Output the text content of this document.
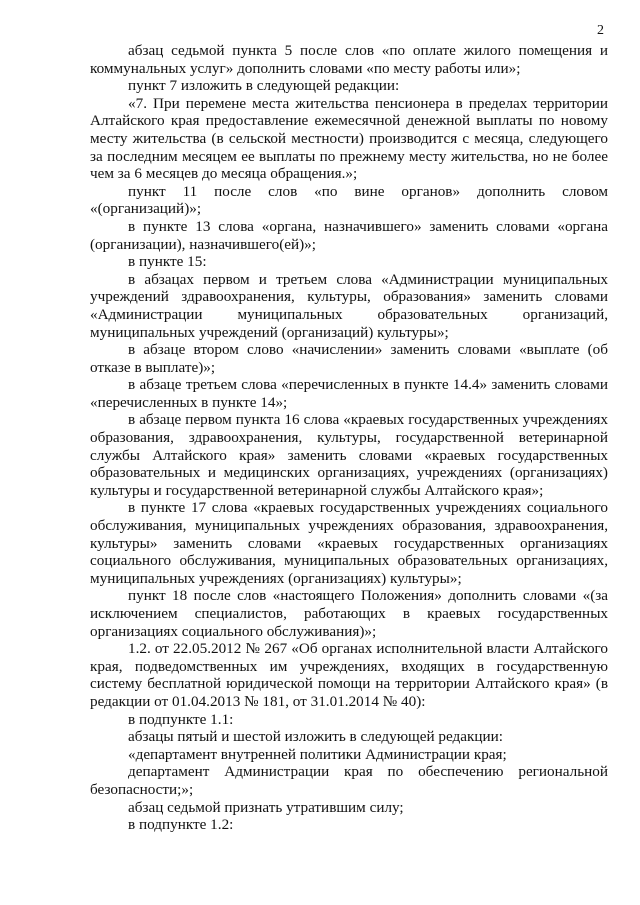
2

абзац седьмой пункта 5 после слов «по оплате жилого помещения и коммунальных услуг» дополнить словами «по месту работы или»;

пункт 7 изложить в следующей редакции:

«7. При перемене места жительства пенсионера в пределах территории Алтайского края предоставление ежемесячной денежной выплаты по новому месту жительства (в сельской местности) производится с месяца, следующего за последним месяцем ее выплаты по прежнему месту жительства, но не более чем за 6 месяцев до месяца обращения.»;

пункт 11 после слов «по вине органов» дополнить словом «(организаций)»;

в пункте 13 слова «органа, назначившего» заменить словами «органа (организации), назначившего(ей)»;

в пункте 15:

в абзацах первом и третьем слова «Администрации муниципальных учреждений здравоохранения, культуры, образования» заменить словами «Администрации муниципальных образовательных организаций, муниципальных учреждений (организаций) культуры»;

в абзаце втором слово «начислении» заменить словами «выплате (об отказе в выплате)»;

в абзаце третьем слова «перечисленных в пункте 14.4» заменить словами «перечисленных в пункте 14»;

в абзаце первом пункта 16 слова «краевых государственных учреждениях образования, здравоохранения, культуры, государственной ветеринарной службы Алтайского края» заменить словами «краевых государственных образовательных и медицинских организациях, учреждениях (организациях) культуры и государственной ветеринарной службы Алтайского края»;

в пункте 17 слова «краевых государственных учреждениях социального обслуживания, муниципальных учреждениях образования, здравоохранения, культуры» заменить словами «краевых государственных организациях социального обслуживания, муниципальных образовательных организациях, муниципальных учреждениях (организациях) культуры»;

пункт 18 после слов «настоящего Положения» дополнить словами «(за исключением специалистов, работающих в краевых государственных организациях социального обслуживания)»;

1.2. от 22.05.2012 № 267 «Об органах исполнительной власти Алтайского края, подведомственных им учреждениях, входящих в государственную систему бесплатной юридической помощи на территории Алтайского края» (в редакции от 01.04.2013 № 181, от 31.01.2014 № 40):

в подпункте 1.1:

абзацы пятый и шестой изложить в следующей редакции:

«департамент внутренней политики Администрации края;

департамент Администрации края по обеспечению региональной безопасности;»;

абзац седьмой признать утратившим силу;

в подпункте 1.2:
